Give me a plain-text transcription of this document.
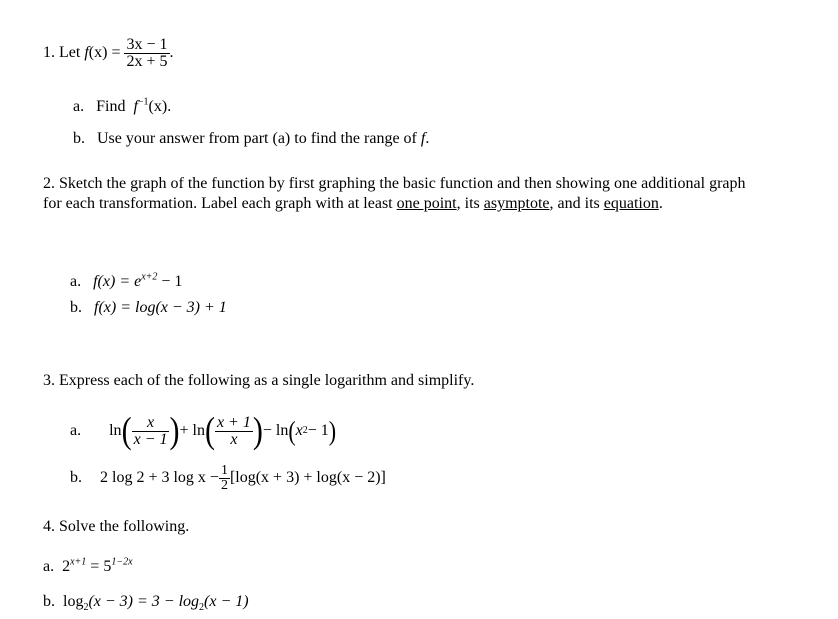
1. Let
f (x) =
$\frac{3x - 1}{2x + 5}$ .
a. Find $f^{-1}(x)$.
b. Use your answer from part (a) to find the range of f.
2. Sketch the graph of the function by first graphing the basic function and then showing one additional graph for each transformation. Label each graph with at least one point, its asymptote, and its equation.
a. $f(x) = e^{x+2} - 1$
b. f(x) = log(x − 3) + 1
3. Express each of the following as a single logarithm and simplify.
a. ln ( $\frac{x}{x - 1}$ ) + ln ( $\frac{x + 1}{x}$ ) − ln ( x 2 − 1 )
b. 2 log 2 + 3 $\log x - \frac{1}{2} [\log(x + 3) + \log(x - 2)]$
4. Solve the following.
a. $2^{x+1} = 5^{1-2x}$
b. $\log_2(x - 3) = 3 - \log_2(x - 1)$
